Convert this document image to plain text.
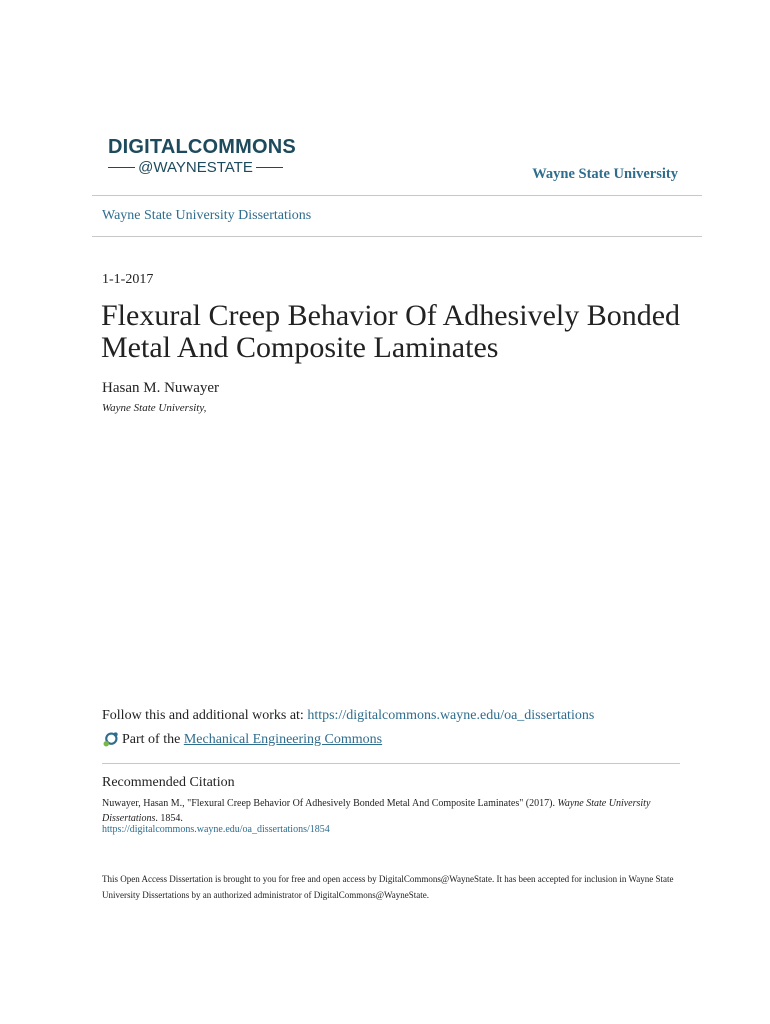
DIGITALCOMMONS
@WAYNESTATE	Wayne State University
Wayne State University Dissertations
1-1-2017
Flexural Creep Behavior Of Adhesively Bonded Metal And Composite Laminates
Hasan M. Nuwayer
Wayne State University,
Follow this and additional works at: https://digitalcommons.wayne.edu/oa_dissertations
Part of the
Mechanical Engineering Commons
Recommended Citation
Nuwayer, Hasan M., "Flexural Creep Behavior Of Adhesively Bonded Metal And Composite Laminates" (2017). Wayne State University Dissertations. 1854.
https://digitalcommons.wayne.edu/oa_dissertations/1854
This Open Access Dissertation is brought to you for free and open access by DigitalCommons@WayneState. It has been accepted for inclusion in Wayne State University Dissertations by an authorized administrator of DigitalCommons@WayneState.
